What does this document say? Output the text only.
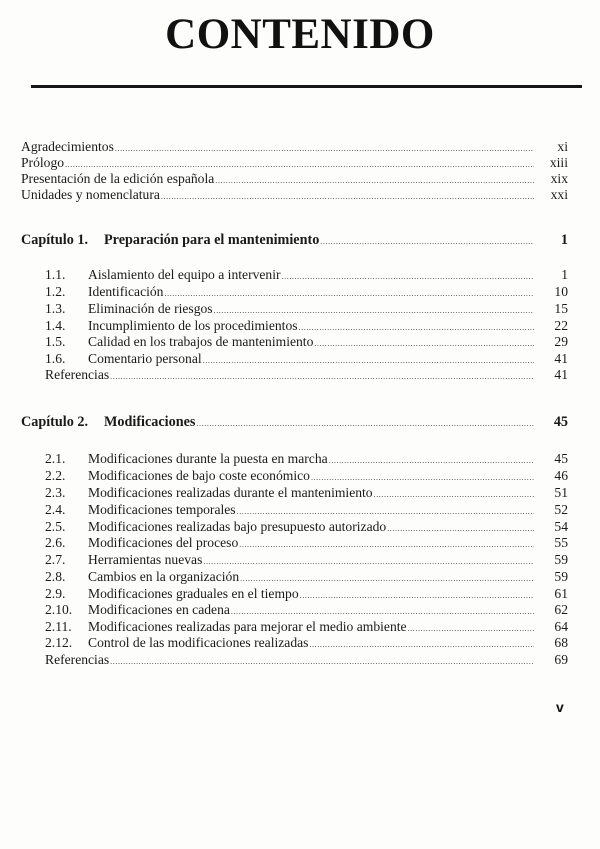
CONTENIDO
Agradecimientos .....	xi
Prólogo .....	xiii
Presentación de la edición española .....	xix
Unidades y nomenclatura .....	xxi
Capítulo 1. Preparación para el mantenimiento .....	1
1.1.	Aislamiento del equipo a intervenir .....	1
1.2.	Identificación .....	10
1.3.	Eliminación de riesgos .....	15
1.4.	Incumplimiento de los procedimientos .....	22
1.5.	Calidad en los trabajos de mantenimiento .....	29
1.6.	Comentario personal .....	41
Referencias .....	41
Capítulo 2. Modificaciones .....	45
2.1.	Modificaciones durante la puesta en marcha .....	45
2.2.	Modificaciones de bajo coste económico .....	46
2.3.	Modificaciones realizadas durante el mantenimiento .....	51
2.4.	Modificaciones temporales .....	52
2.5.	Modificaciones realizadas bajo presupuesto autorizado .....	54
2.6.	Modificaciones del proceso .....	55
2.7.	Herramientas nuevas .....	59
2.8.	Cambios en la organización .....	59
2.9.	Modificaciones graduales en el tiempo .....	61
2.10.	Modificaciones en cadena .....	62
2.11.	Modificaciones realizadas para mejorar el medio ambiente .....	64
2.12.	Control de las modificaciones realizadas .....	68
Referencias .....	69
v
